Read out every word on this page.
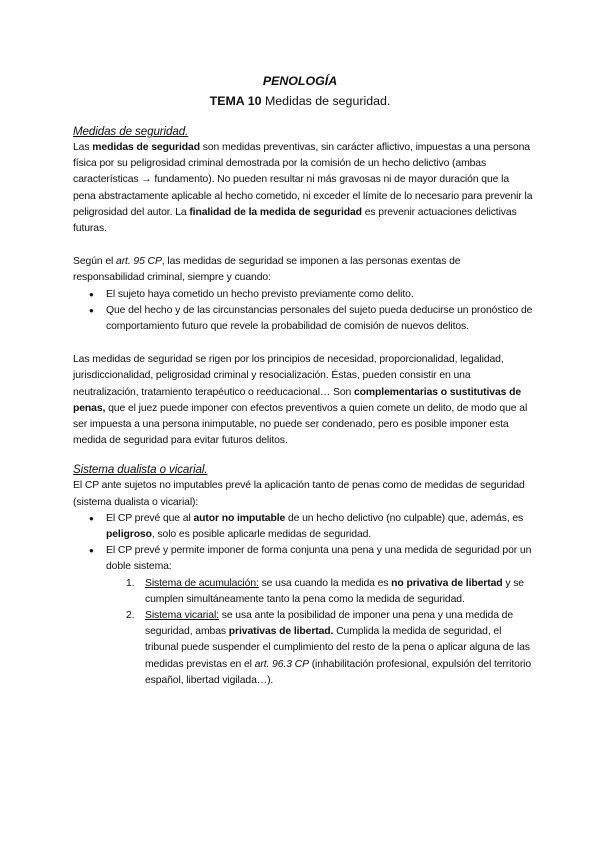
PENOLOGÍA
TEMA 10 Medidas de seguridad.
Medidas de seguridad.

Las medidas de seguridad son medidas preventivas, sin carácter aflictivo, impuestas a una persona física por su peligrosidad criminal demostrada por la comisión de un hecho delictivo (ambas características → fundamento). No pueden resultar ni más gravosas ni de mayor duración que la pena abstractamente aplicable al hecho cometido, ni exceder el límite de lo necesario para prevenir la peligrosidad del autor. La finalidad de la medida de seguridad es prevenir actuaciones delictivas futuras.

Según el art. 95 CP, las medidas de seguridad se imponen a las personas exentas de responsabilidad criminal, siempre y cuando:

● El sujeto haya cometido un hecho previsto previamente como delito.
● Que del hecho y de las circunstancias personales del sujeto pueda deducirse un pronóstico de comportamiento futuro que revele la probabilidad de comisión de nuevos delitos.

Las medidas de seguridad se rigen por los principios de necesidad, proporcionalidad, legalidad, jurisdiccionalidad, peligrosidad criminal y resocialización. Éstas, pueden consistir en una neutralización, tratamiento terapéutico o reeducacional… Son complementarias o sustitutivas de penas, que el juez puede imponer con efectos preventivos a quien comete un delito, de modo que al ser impuesta a una persona inimputable, no puede ser condenado, pero es posible imponer esta medida de seguridad para evitar futuros delitos.

Sistema dualista o vicarial.

El CP ante sujetos no imputables prevé la aplicación tanto de penas como de medidas de seguridad (sistema dualista o vicarial):

● El CP prevé que al autor no imputable de un hecho delictivo (no culpable) que, además, es peligroso, solo es posible aplicarle medidas de seguridad.
● El CP prevé y permite imponer de forma conjunta una pena y una medida de seguridad por un doble sistema:
1. Sistema de acumulación: se usa cuando la medida es no privativa de libertad y se cumplen simultáneamente tanto la pena como la medida de seguridad.
2. Sistema vicarial: se usa ante la posibilidad de imponer una pena y una medida de seguridad, ambas privativas de libertad. Cumplida la medida de seguridad, el tribunal puede suspender el cumplimiento del resto de la pena o aplicar alguna de las medidas previstas en el art. 96.3 CP (inhabilitación profesional, expulsión del territorio español, libertad vigilada…).
